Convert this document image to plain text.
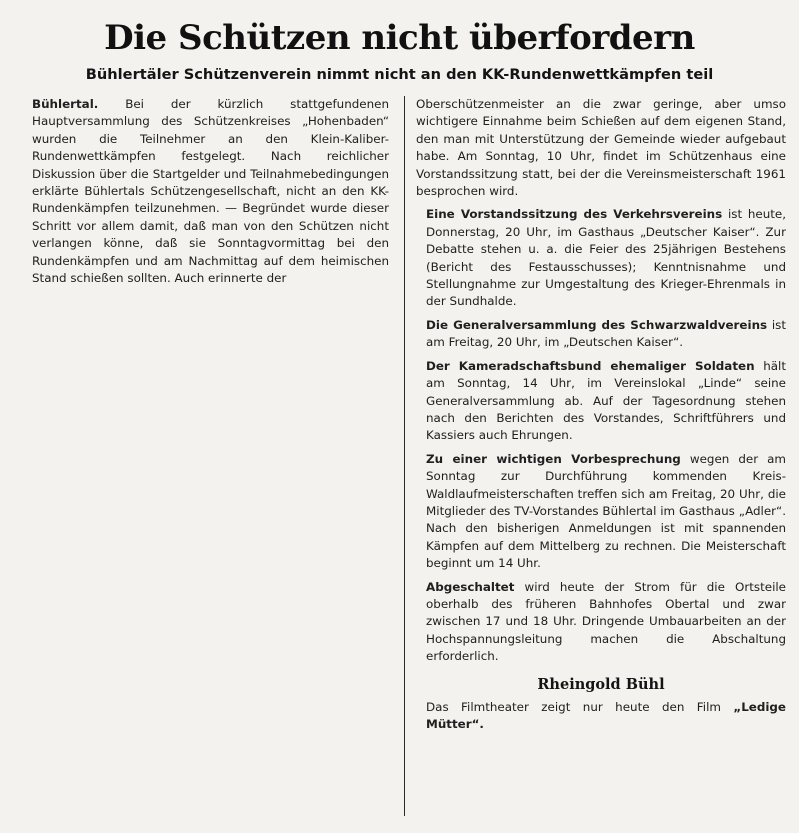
Die Schützen nicht überfordern
Bühlertäler Schützenverein nimmt nicht an den KK-Rundenwettkämpfen teil

Bühlertal. Bei der kürzlich stattgefundenen Hauptversammlung des Schützenkreises „Hohenbaden“ wurden die Teilnehmer an den Klein-Kaliber-Rundenwettkämpfen festgelegt. Nach reichlicher Diskussion über die Startgelder und Teilnahmebedingungen erklärte Bühlertals Schützengesellschaft, nicht an den KK-Rundenkämpfen teilzunehmen. — Begründet wurde dieser Schritt vor allem damit, daß man von den Schützen nicht verlangen könne, daß sie Sonntagvormittag bei den Rundenkämpfen und am Nachmittag auf dem heimischen Stand schießen sollten. Auch erinnerte der

Oberschützenmeister an die zwar geringe, aber umso wichtigere Einnahme beim Schießen auf dem eigenen Stand, den man mit Unterstützung der Gemeinde wieder aufgebaut habe. Am Sonntag, 10 Uhr, findet im Schützenhaus eine Vorstandssitzung statt, bei der die Vereinsmeisterschaft 1961 besprochen wird.

Eine Vorstandssitzung des Verkehrsvereins ist heute, Donnerstag, 20 Uhr, im Gasthaus „Deutscher Kaiser“. Zur Debatte stehen u. a. die Feier des 25jährigen Bestehens (Bericht des Festausschusses); Kenntnisnahme und Stellungnahme zur Umgestaltung des Krieger-Ehrenmals in der Sundhalde.

Die Generalversammlung des Schwarzwaldvereins ist am Freitag, 20 Uhr, im „Deutschen Kaiser“.

Der Kameradschaftsbund ehemaliger Soldaten hält am Sonntag, 14 Uhr, im Vereinslokal „Linde“ seine Generalversammlung ab. Auf der Tagesordnung stehen nach den Berichten des Vorstandes, Schriftführers und Kassiers auch Ehrungen.

Zu einer wichtigen Vorbesprechung wegen der am Sonntag zur Durchführung kommenden Kreis-Waldlaufmeisterschaften treffen sich am Freitag, 20 Uhr, die Mitglieder des TV-Vorstandes Bühlertal im Gasthaus „Adler“. Nach den bisherigen Anmeldungen ist mit spannenden Kämpfen auf dem Mittelberg zu rechnen. Die Meisterschaft beginnt um 14 Uhr.

Abgeschaltet wird heute der Strom für die Ortsteile oberhalb des früheren Bahnhofes Obertal und zwar zwischen 17 und 18 Uhr. Dringende Umbauarbeiten an der Hochspannungsleitung machen die Abschaltung erforderlich.

Rheingold Bühl

Das Filmtheater zeigt nur heute den Film „Ledige Mütter“.
